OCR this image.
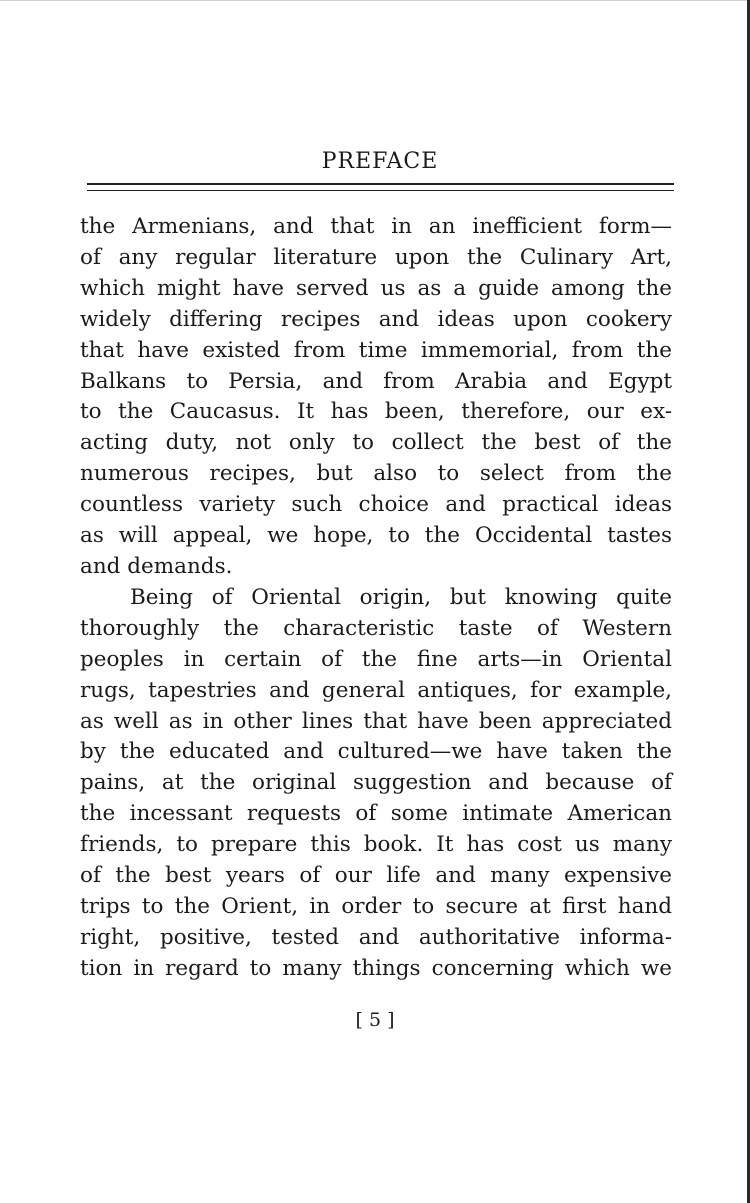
PREFACE

the Armenians, and that in an inefficient form—
of any regular literature upon the Culinary Art,
which might have served us as a guide among the
widely differing recipes and ideas upon cookery
that have existed from time immemorial, from the
Balkans to Persia, and from Arabia and Egypt
to the Caucasus. It has been, therefore, our ex-
acting duty, not only to collect the best of the
numerous recipes, but also to select from the
countless variety such choice and practical ideas
as will appeal, we hope, to the Occidental tastes
and demands.

Being of Oriental origin, but knowing quite
thoroughly the characteristic taste of Western
peoples in certain of the fine arts—in Oriental
rugs, tapestries and general antiques, for example,
as well as in other lines that have been appreciated
by the educated and cultured—we have taken the
pains, at the original suggestion and because of
the incessant requests of some intimate American
friends, to prepare this book. It has cost us many
of the best years of our life and many expensive
trips to the Orient, in order to secure at first hand
right, positive, tested and authoritative informa-
tion in regard to many things concerning which we

[ 5 ]
